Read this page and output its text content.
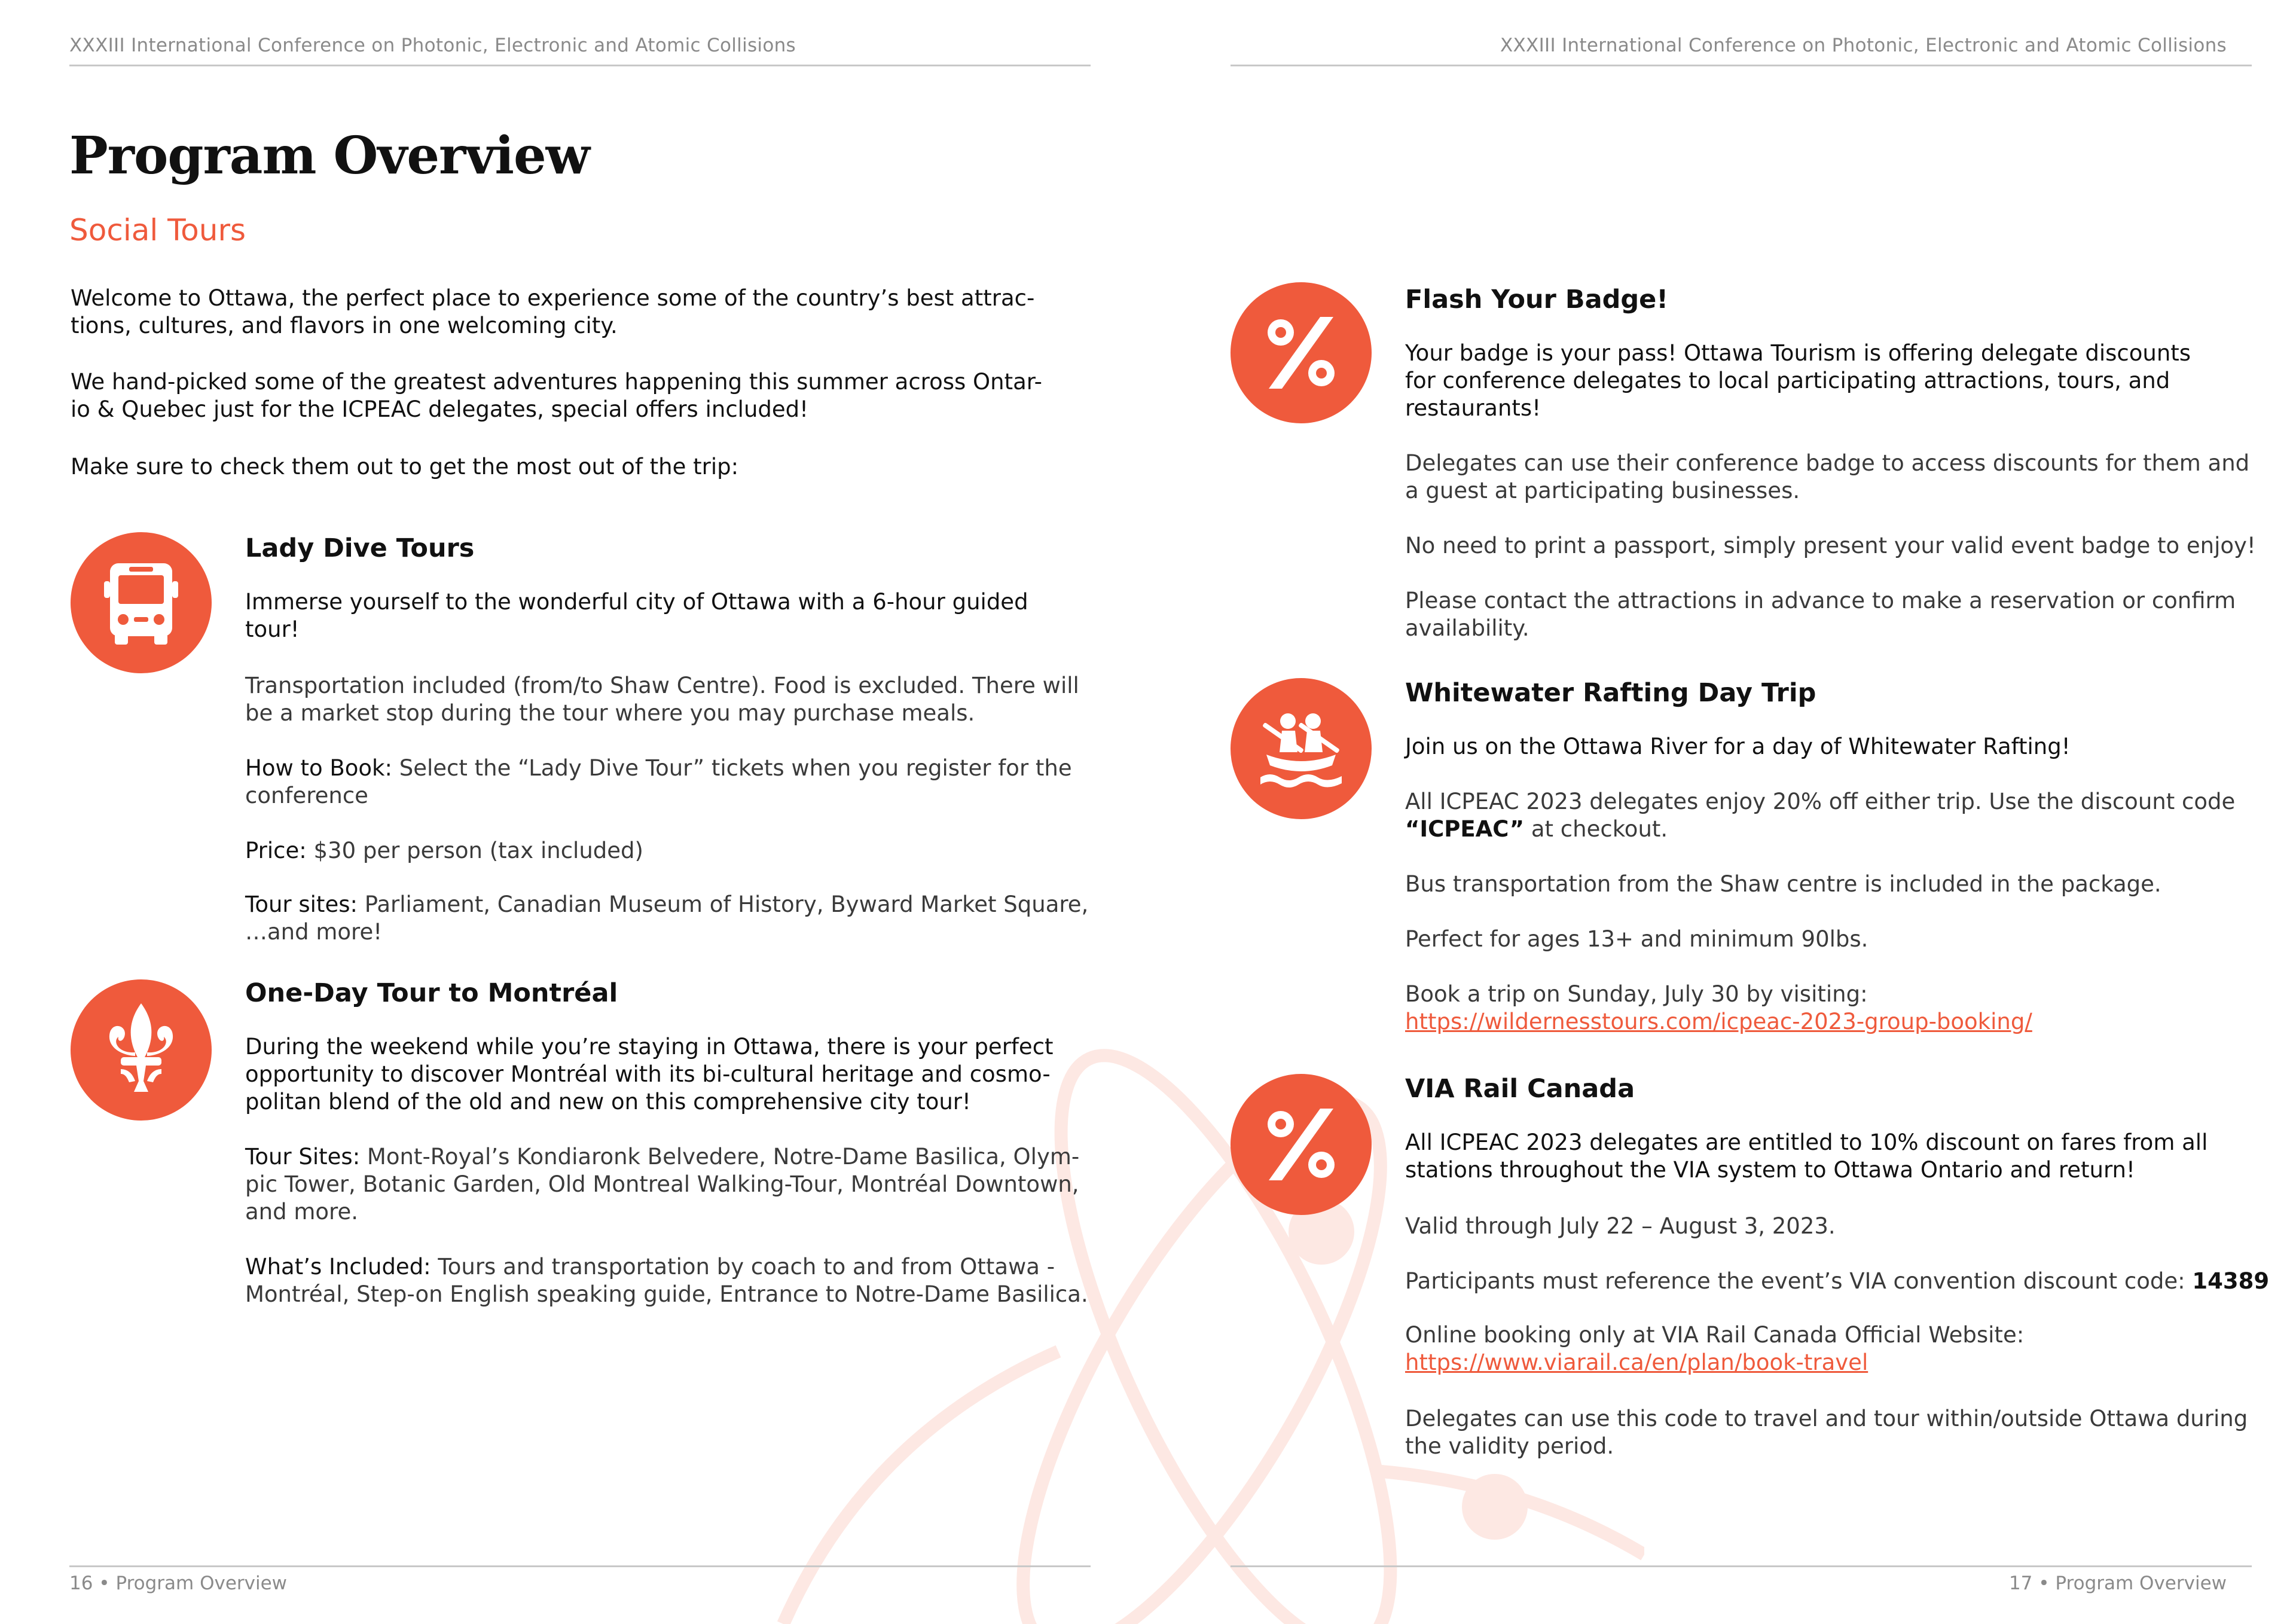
XXXIII International Conference on Photonic, Electronic and Atomic Collisions	XXXIII International Conference on Photonic, Electronic and Atomic Collisions
Program Overview
Social Tours

Welcome to Ottawa, the perfect place to experience some of the country’s best attrac-
tions, cultures, and flavors in one welcoming city.

We hand-picked some of the greatest adventures happening this summer across Ontar-
io & Quebec just for the ICPEAC delegates, special offers included!

Make sure to check them out to get the most out of the trip:

Lady Dive Tours

Immerse yourself to the wonderful city of Ottawa with a 6-hour guided
tour!

Transportation included (from/to Shaw Centre). Food is excluded. There will
be a market stop during the tour where you may purchase meals.

How to Book: Select the “Lady Dive Tour” tickets when you register for the
conference

Price: $30 per person (tax included)

Tour sites: Parliament, Canadian Museum of History, Byward Market Square,
…and more!

One-Day Tour to Montréal

During the weekend while you’re staying in Ottawa, there is your perfect
opportunity to discover Montréal with its bi-cultural heritage and cosmo-
politan blend of the old and new on this comprehensive city tour!

Tour Sites: Mont-Royal’s Kondiaronk Belvedere, Notre-Dame Basilica, Olym-
pic Tower, Botanic Garden, Old Montreal Walking-Tour, Montréal Downtown,
and more.

What’s Included: Tours and transportation by coach to and from Ottawa -
Montréal, Step-on English speaking guide, Entrance to Notre-Dame Basilica.

Flash Your Badge!

Your badge is your pass! Ottawa Tourism is offering delegate discounts
for conference delegates to local participating attractions, tours, and
restaurants!

Delegates can use their conference badge to access discounts for them and
a guest at participating businesses.

No need to print a passport, simply present your valid event badge to enjoy!

Please contact the attractions in advance to make a reservation or confirm
availability.

Whitewater Rafting Day Trip

Join us on the Ottawa River for a day of Whitewater Rafting!

All ICPEAC 2023 delegates enjoy 20% off either trip. Use the discount code
“ICPEAC” at checkout.

Bus transportation from the Shaw centre is included in the package.

Perfect for ages 13+ and minimum 90lbs.

Book a trip on Sunday, July 30 by visiting:
https://wildernesstours.com/icpeac-2023-group-booking/

VIA Rail Canada

All ICPEAC 2023 delegates are entitled to 10% discount on fares from all
stations throughout the VIA system to Ottawa Ontario and return!

Valid through July 22 – August 3, 2023.

Participants must reference the event’s VIA convention discount code: 14389

Online booking only at VIA Rail Canada Official Website:
https://www.viarail.ca/en/plan/book-travel

Delegates can use this code to travel and tour within/outside Ottawa during
the validity period.

16 • Program Overview	17 • Program Overview
